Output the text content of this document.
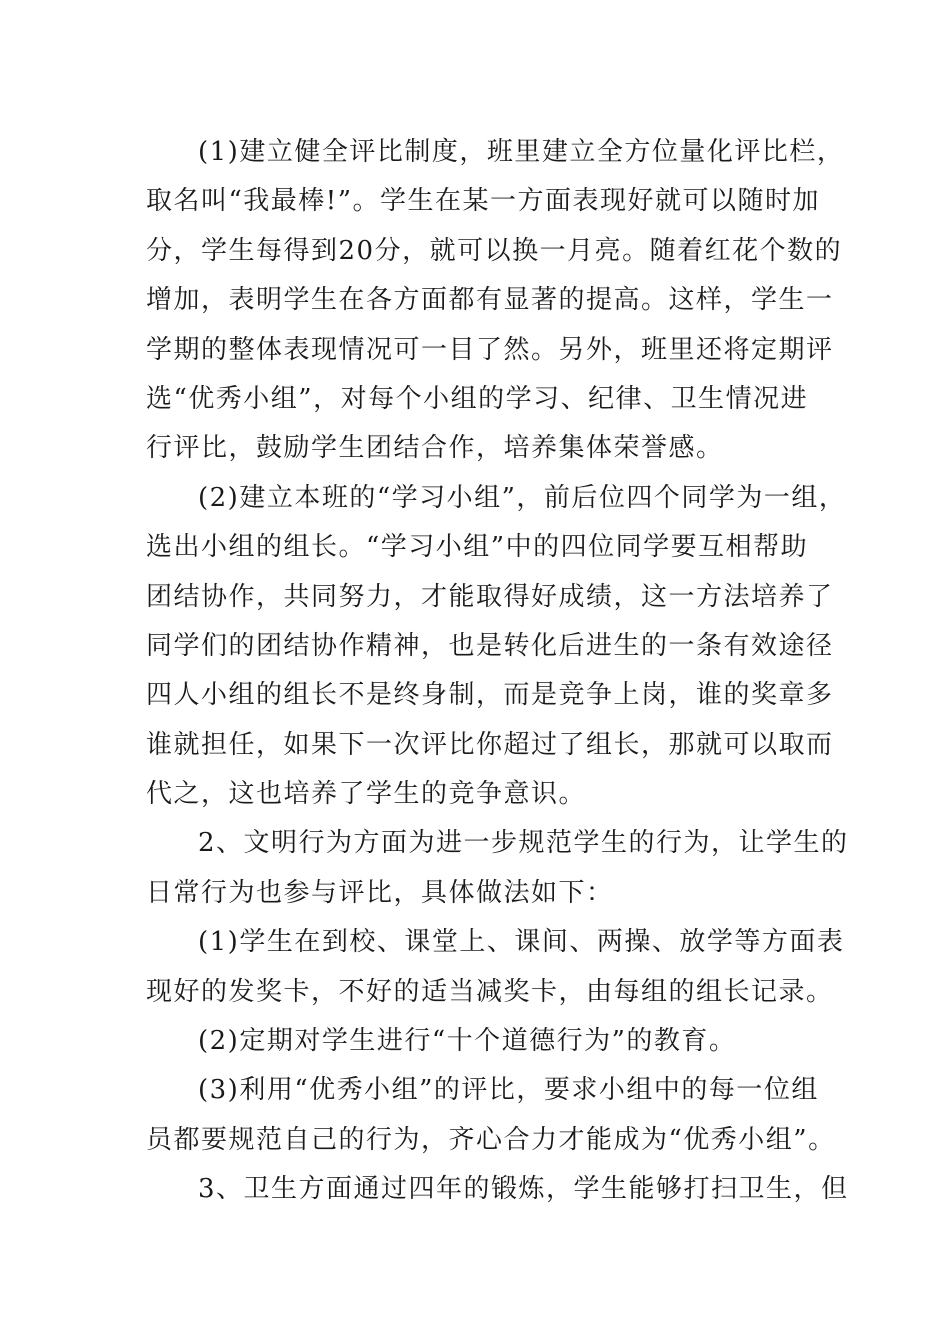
(1)建立健全评比制度，班里建立全方位量化评比栏，
取名叫“我最棒!”。学生在某一方面表现好就可以随时加
分，学生每得到20分，就可以换一月亮。随着红花个数的
增加，表明学生在各方面都有显著的提高。这样，学生一
学期的整体表现情况可一目了然。另外，班里还将定期评
选“优秀小组”，对每个小组的学习、纪律、卫生情况进
行评比，鼓励学生团结合作，培养集体荣誉感。
(2)建立本班的“学习小组”，前后位四个同学为一组，
选出小组的组长。“学习小组”中的四位同学要互相帮助
团结协作，共同努力，才能取得好成绩，这一方法培养了
同学们的团结协作精神，也是转化后进生的一条有效途径
四人小组的组长不是终身制，而是竞争上岗，谁的奖章多
谁就担任，如果下一次评比你超过了组长，那就可以取而
代之，这也培养了学生的竞争意识。
2、文明行为方面为进一步规范学生的行为，让学生的
日常行为也参与评比，具体做法如下：
(1)学生在到校、课堂上、课间、两操、放学等方面表
现好的发奖卡，不好的适当减奖卡，由每组的组长记录。
(2)定期对学生进行“十个道德行为”的教育。
(3)利用“优秀小组”的评比，要求小组中的每一位组
员都要规范自己的行为，齐心合力才能成为“优秀小组”。
3、卫生方面通过四年的锻炼，学生能够打扫卫生，但
